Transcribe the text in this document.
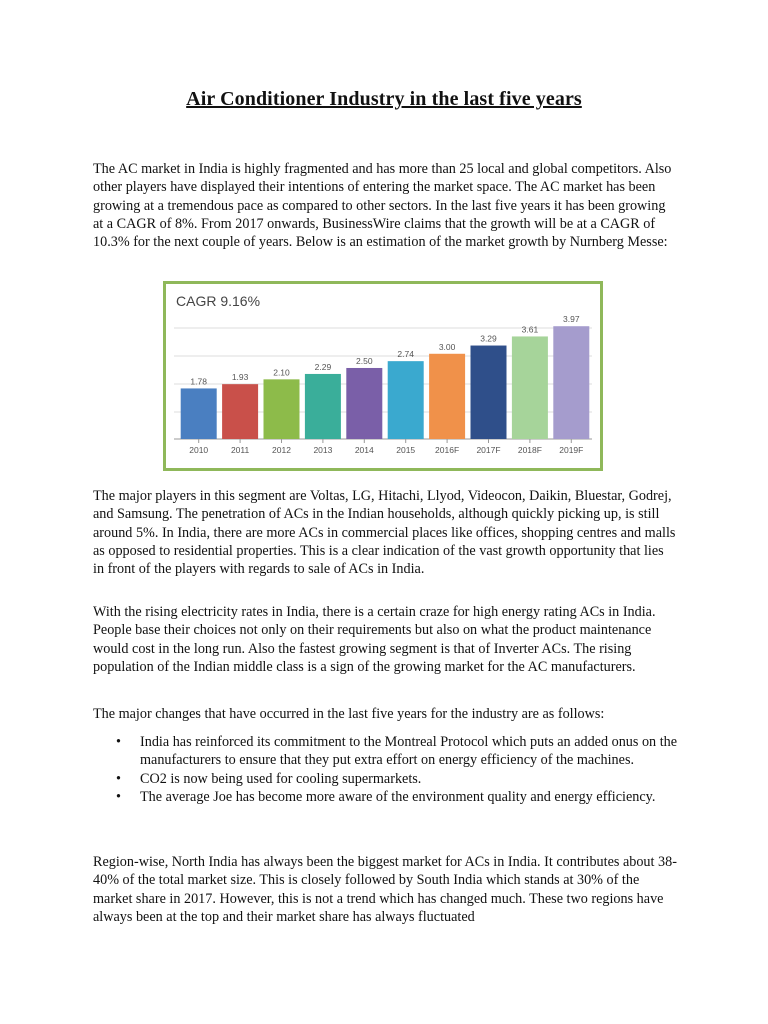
Air Conditioner Industry in the last five years

The AC market in India is highly fragmented and has more than 25 local and global competitors. Also other players have displayed their intentions of entering the market space. The AC market has been growing at a tremendous pace as compared to other sectors. In the last five years it has been growing at a CAGR of 8%. From 2017 onwards, BusinessWire claims that the growth will be at a CAGR of 10.3% for the next couple of years. Below is an estimation of the market growth by Nurnberg Messe:

CAGR 9.16%
1.78
2010
1.93
2011
2.10
2012
2.29
2013
2.50
2014
2.74
2015
3.00
2016F
3.29
2017F
3.61
2018F
3.97
2019F

The major players in this segment are Voltas, LG, Hitachi, Llyod, Videocon, Daikin, Bluestar, Godrej, and Samsung. The penetration of ACs in the Indian households, although quickly picking up, is still around 5%. In India, there are more ACs in commercial places like offices, shopping centres and malls as opposed to residential properties. This is a clear indication of the vast growth opportunity that lies in front of the players with regards to sale of ACs in India.

With the rising electricity rates in India, there is a certain craze for high energy rating ACs in India. People base their choices not only on their requirements but also on what the product maintenance would cost in the long run. Also the fastest growing segment is that of Inverter ACs. The rising population of the Indian middle class is a sign of the growing market for the AC manufacturers.

The major changes that have occurred in the last five years for the industry are as follows:

• India has reinforced its commitment to the Montreal Protocol which puts an added onus on the manufacturers to ensure that they put extra effort on energy efficiency of the machines.
• CO2 is now being used for cooling supermarkets.
• The average Joe has become more aware of the environment quality and energy efficiency.

Region-wise, North India has always been the biggest market for ACs in India. It contributes about 38-40% of the total market size. This is closely followed by South India which stands at 30% of the market share in 2017. However, this is not a trend which has changed much. These two regions have always been at the top and their market share has always fluctuated
